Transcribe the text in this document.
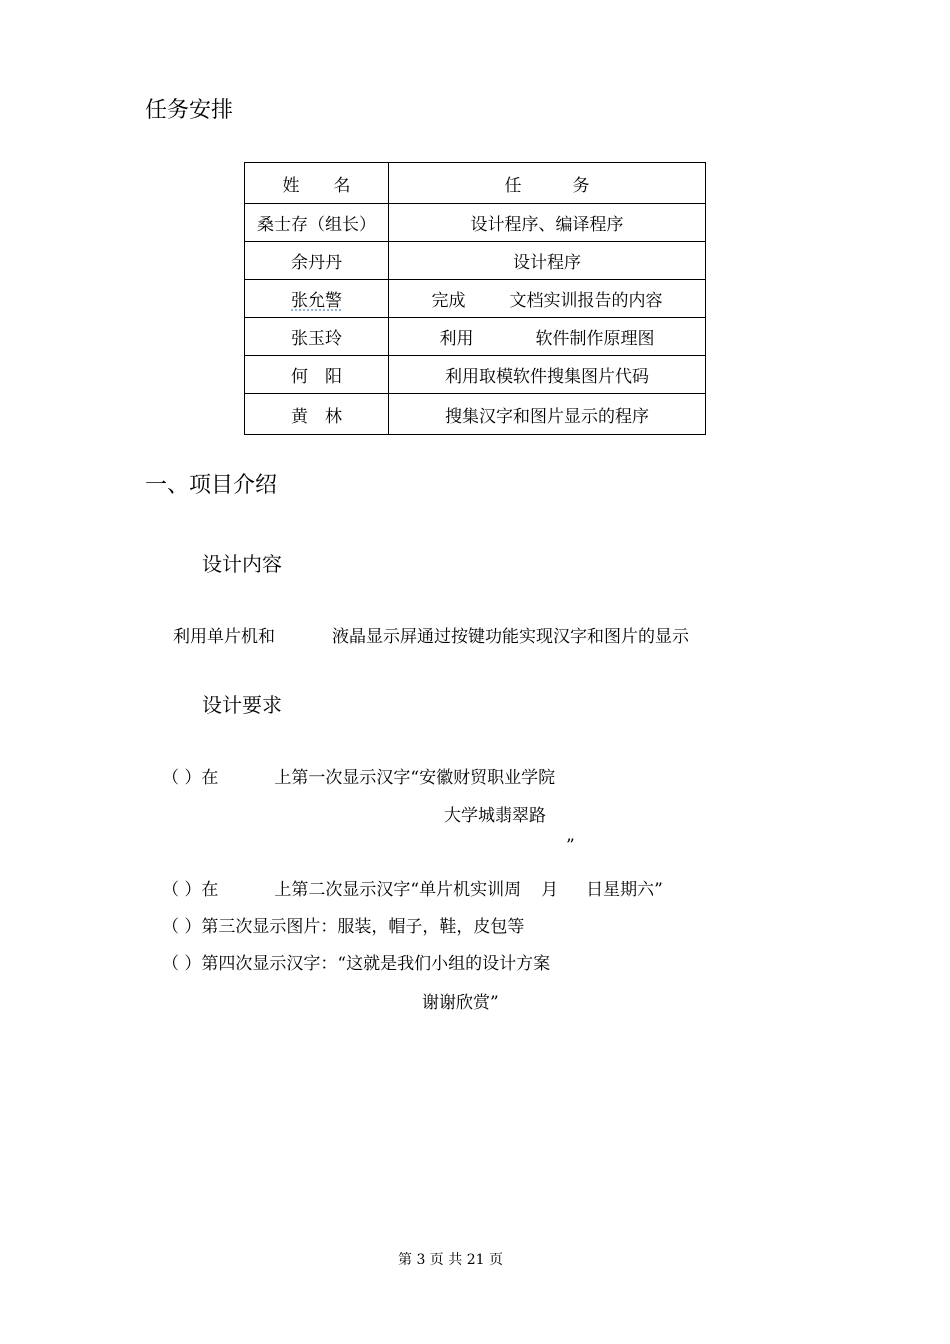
任务安排
姓　　名	任　　　务
桑士存（组长）	设计程序、编译程序
余丹丹	设计程序
张允警	完成 文档实训报告的内容
张玉玲	利用 软件制作原理图
何　阳	利用取模软件搜集图片代码
黄　林	搜集汉字和图片显示的程序
一、项目介绍
设计内容
利用单片机和	液晶显示屏通过按键功能实现汉字和图片的显示
设计要求
（ ）在	上第一次显示汉字“安徽财贸职业学院
大学城翡翠路
”
（ ）在	上第二次显示汉字“单片机实训周 月 日星期六”
（ ）第三次显示图片：服装，帽子，鞋，皮包等
（ ）第四次显示汉字：“这就是我们小组的设计方案
谢谢欣赏”
第 3 页 共 21 页
